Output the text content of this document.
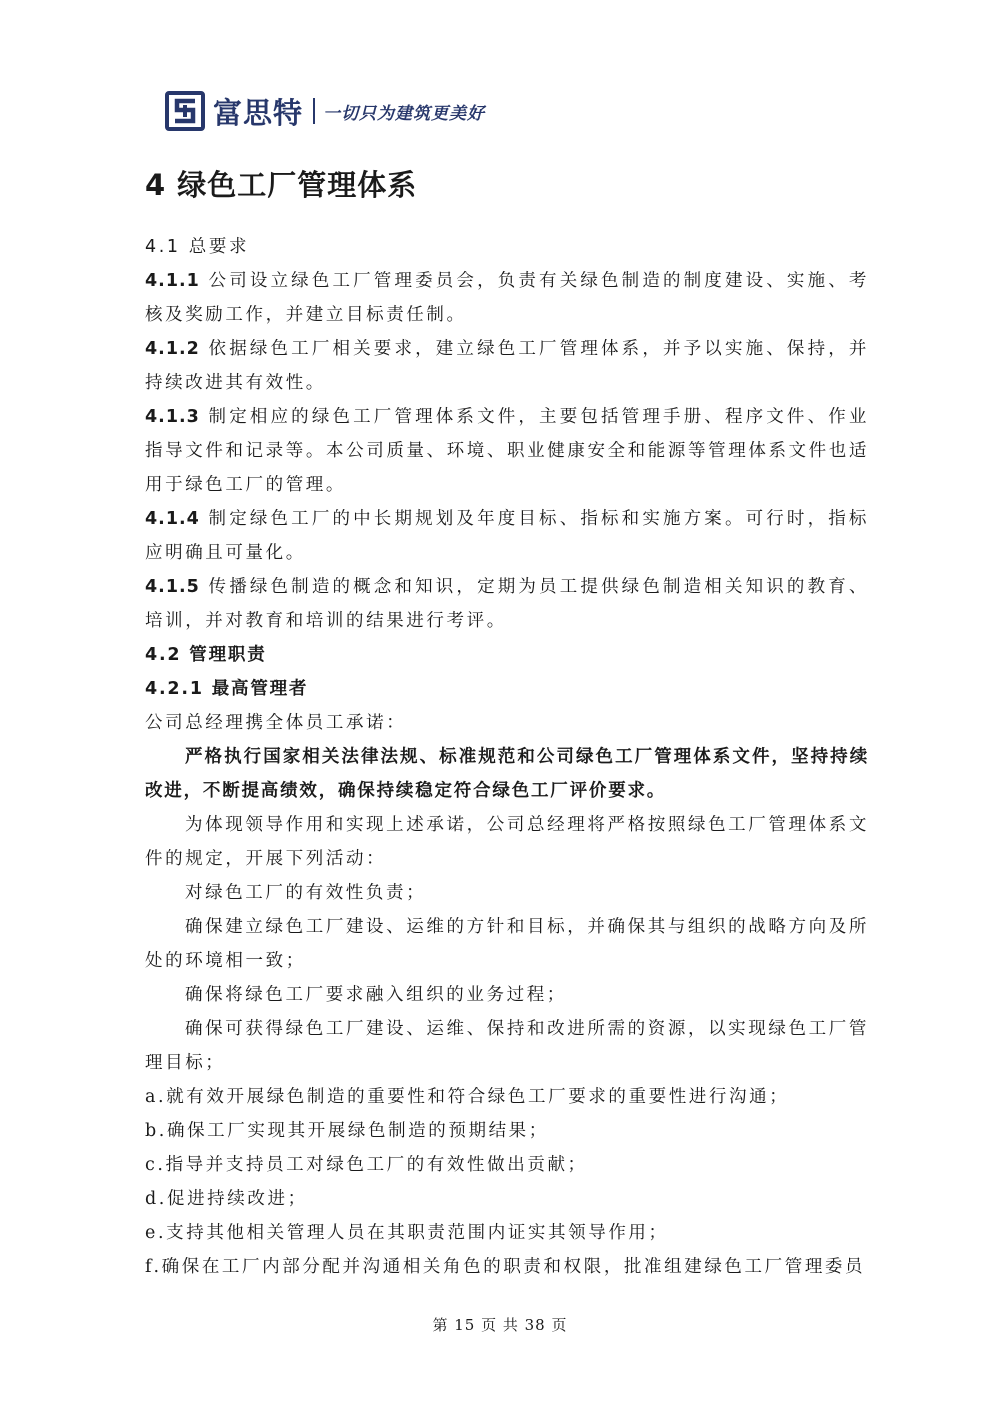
富思特 一切只为建筑更美好
4 绿色工厂管理体系

4.1 总要求

4.1.1 公司设立绿色工厂管理委员会，负责有关绿色制造的制度建设、实施、考核及奖励工作，并建立目标责任制。

4.1.2 依据绿色工厂相关要求，建立绿色工厂管理体系，并予以实施、保持，并持续改进其有效性。

4.1.3 制定相应的绿色工厂管理体系文件，主要包括管理手册、程序文件、作业指导文件和记录等。本公司质量、环境、职业健康安全和能源等管理体系文件也适用于绿色工厂的管理。

4.1.4 制定绿色工厂的中长期规划及年度目标、指标和实施方案。可行时，指标应明确且可量化。

4.1.5 传播绿色制造的概念和知识，定期为员工提供绿色制造相关知识的教育、培训，并对教育和培训的结果进行考评。

4.2 管理职责

4.2.1 最高管理者

公司总经理携全体员工承诺：

严格执行国家相关法律法规、标准规范和公司绿色工厂管理体系文件，坚持持续改进，不断提高绩效，确保持续稳定符合绿色工厂评价要求。

为体现领导作用和实现上述承诺，公司总经理将严格按照绿色工厂管理体系文件的规定，开展下列活动：

对绿色工厂的有效性负责；

确保建立绿色工厂建设、运维的方针和目标，并确保其与组织的战略方向及所处的环境相一致；

确保将绿色工厂要求融入组织的业务过程；

确保可获得绿色工厂建设、运维、保持和改进所需的资源，以实现绿色工厂管理目标；

a.就有效开展绿色制造的重要性和符合绿色工厂要求的重要性进行沟通；

b.确保工厂实现其开展绿色制造的预期结果；

c.指导并支持员工对绿色工厂的有效性做出贡献；

d.促进持续改进；

e.支持其他相关管理人员在其职责范围内证实其领导作用；

f.确保在工厂内部分配并沟通相关角色的职责和权限，批准组建绿色工厂管理委员

第 15 页 共 38 页
